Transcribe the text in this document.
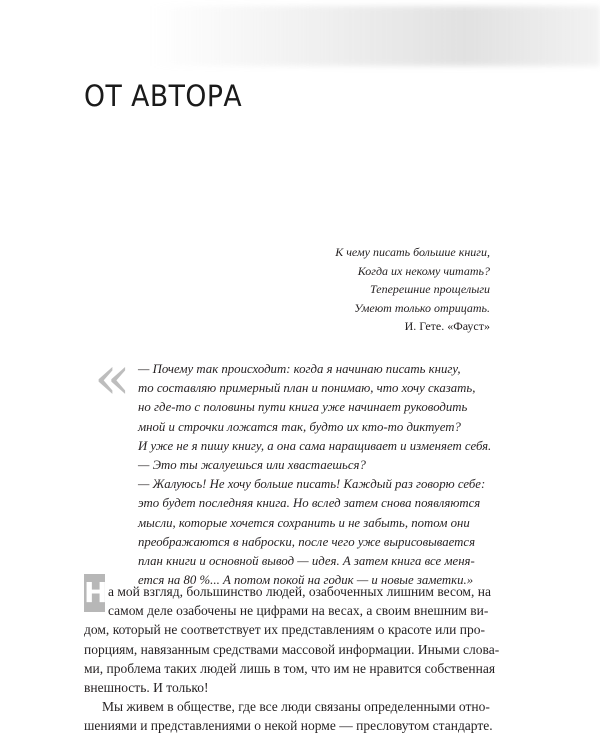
ОТ АВТОРА
К чему писать большие книги,
Когда их некому читать?
Теперешние прощелыги
Умеют только отрицать.
И. Гете. «Фауст»
« — Почему так происходит: когда я начинаю писать книгу,
то составляю примерный план и понимаю, что хочу сказать,
но где-то с половины пути книга уже начинает руководить
мной и строчки ложатся так, будто их кто-то диктует?
И уже не я пишу книгу, а она сама наращивает и изменяет себя.
— Это ты жалуешься или хвастаешься?
— Жалуюсь! Не хочу больше писать! Каждый раз говорю себе:
это будет последняя книга. Но вслед затем снова появляются
мысли, которые хочется сохранить и не забыть, потом они
преображаются в наброски, после чего уже вырисовывается
план книги и основной вывод — идея. А затем книга все меня-
ется на 80 %... А потом покой на годик — и новые заметки.»
Н а мой взгляд, большинство людей, озабоченных лишним весом, на
самом деле озабочены не цифрами на весах, а своим внешним ви-
дом, который не соответствует их представлениям о красоте или про-
порциям, навязанным средствами массовой информации. Иными слова-
ми, проблема таких людей лишь в том, что им не нравится собственная
внешность. И только!
Мы живем в обществе, где все люди связаны определенными отно-
шениями и представлениями о некой норме — пресловутом стандарте.
